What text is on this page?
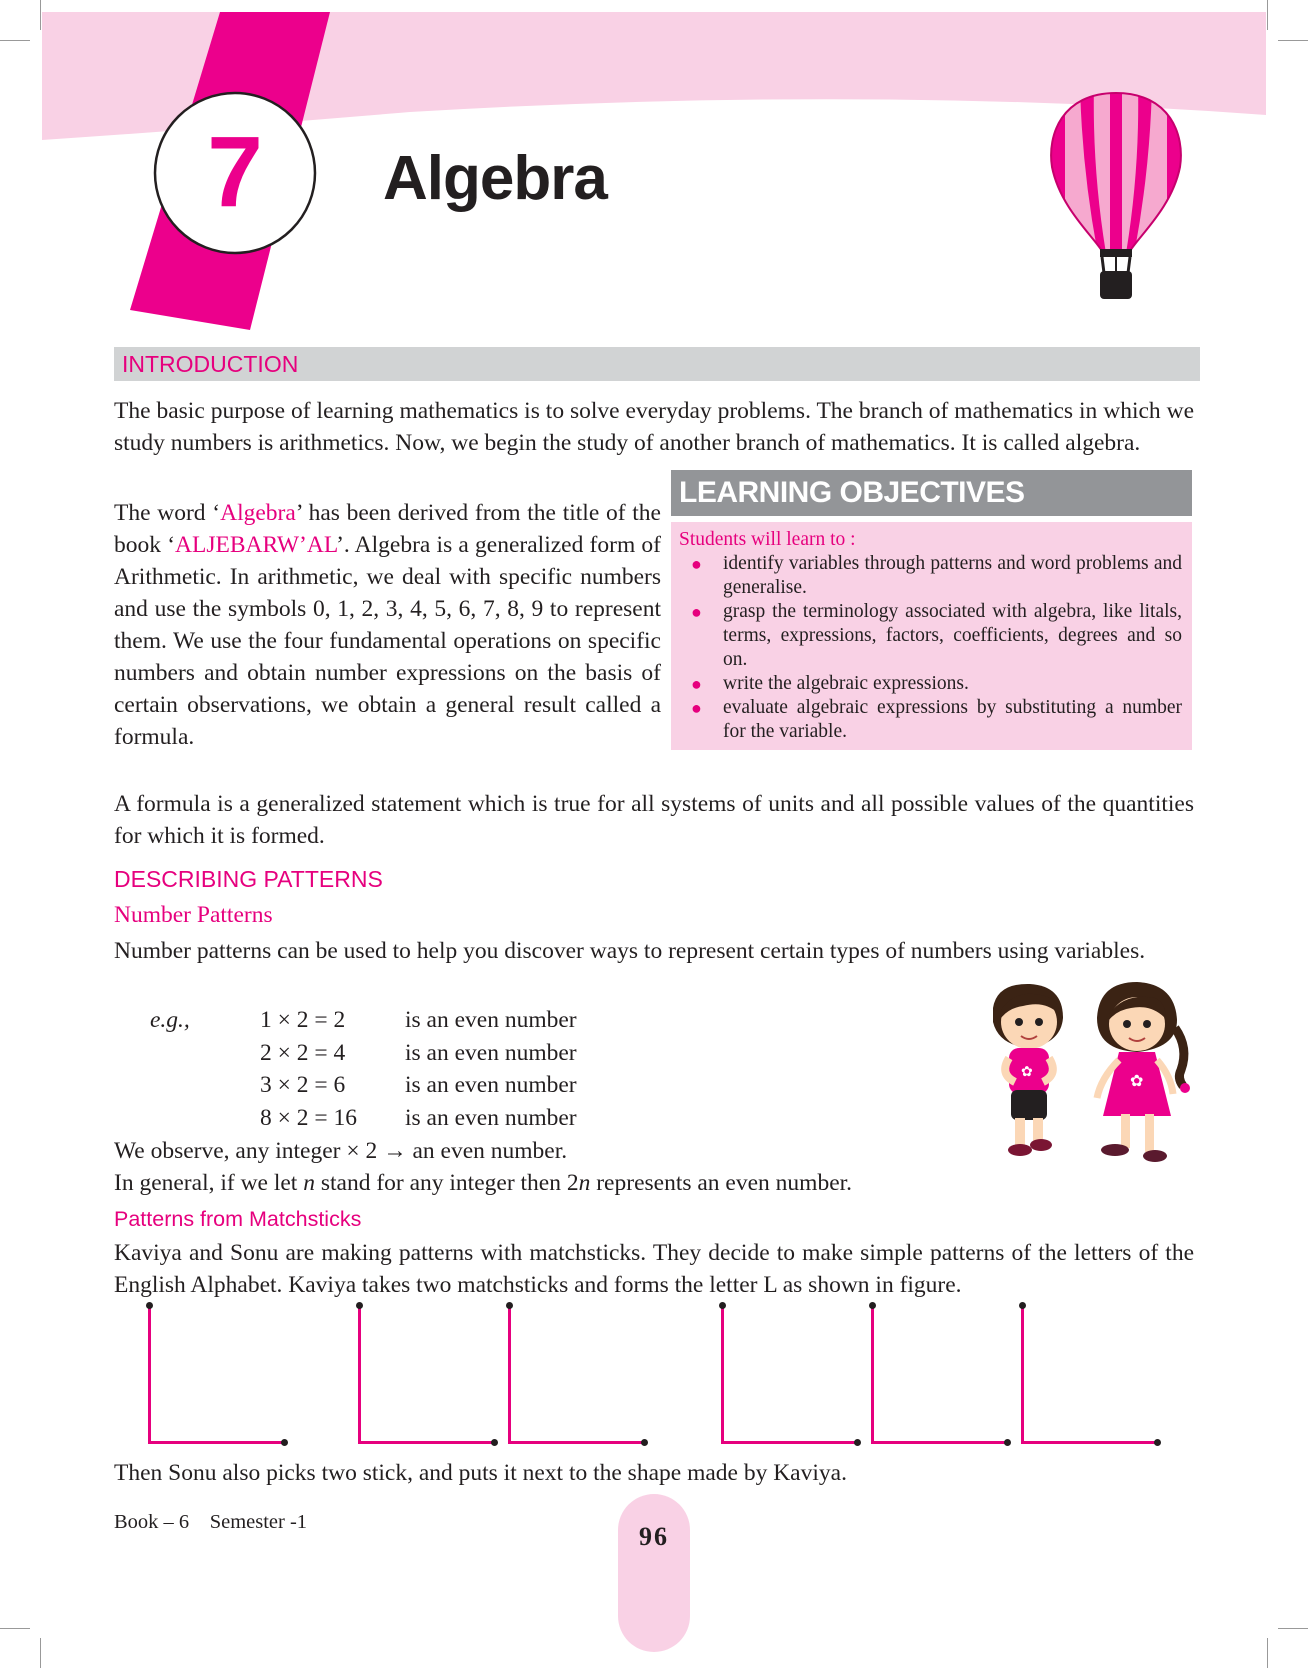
7	Algebra
INTRODUCTION

The basic purpose of learning mathematics is to solve everyday problems. The branch of mathematics in which we study numbers is arithmetics. Now, we begin the study of another branch of mathematics. It is called algebra.

The word ‘Algebra’ has been derived from the title of the book ‘ALJEBARW’AL’. Algebra is a generalized form of Arithmetic. In arithmetic, we deal with specific numbers and use the symbols 0, 1, 2, 3, 4, 5, 6, 7, 8, 9 to represent them. We use the four fundamental operations on specific numbers and obtain number expressions on the basis of certain observations, we obtain a general result called a formula.

LEARNING OBJECTIVES
Students will learn to :
● identify variables through patterns and word problems and generalise.
● grasp the terminology associated with algebra, like litals, terms, expressions, factors, coefficients, degrees and so on.
● write the algebraic expressions.
● evaluate algebraic expressions by substituting a number for the variable.

A formula is a generalized statement which is true for all systems of units and all possible values of the quantities for which it is formed.

DESCRIBING PATTERNS
Number Patterns

Number patterns can be used to help you discover ways to represent certain types of numbers using variables.

e.g.,	1 × 2 = 2	is an even number
2 × 2 = 4	is an even number
3 × 2 = 6	is an even number
8 × 2 = 16	is an even number

We observe, any integer × 2 → an even number.

In general, if we let n stand for any integer then 2n represents an even number.

✿	✿
Patterns from Matchsticks

Kaviya and Sonu are making patterns with matchsticks. They decide to make simple patterns of the letters of the English Alphabet. Kaviya takes two matchsticks and forms the letter L as shown in figure.

Then Sonu also picks two stick, and puts it next to the shape made by Kaviya.

Book – 6 Semester -1	96
